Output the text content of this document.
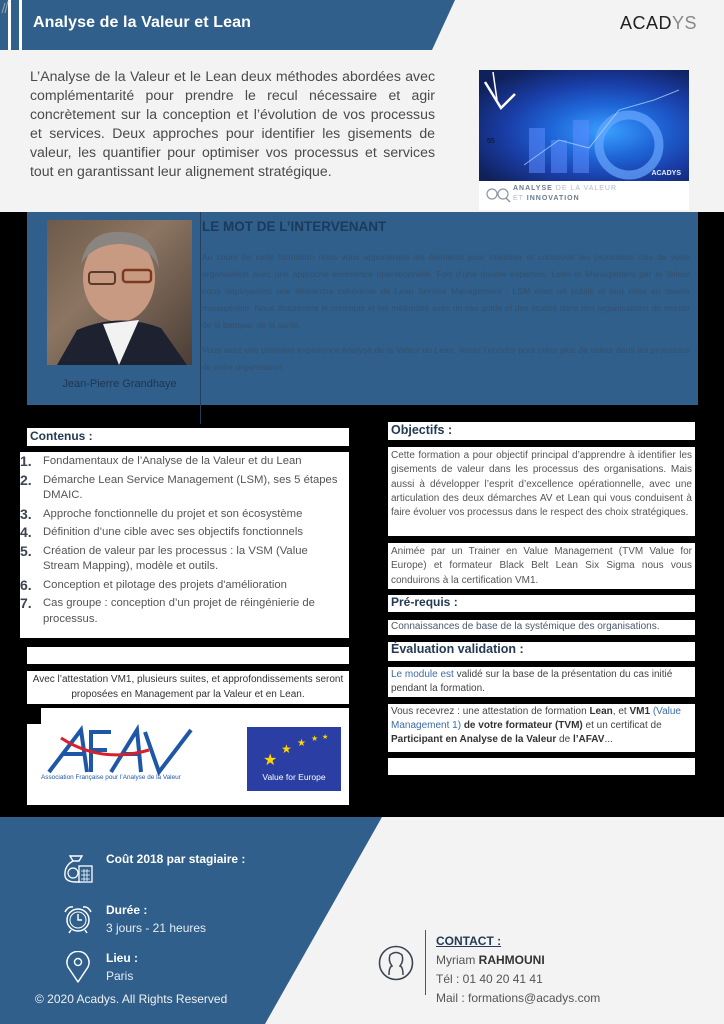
Analyse de la Valeur et Lean	ACADYS
L’Analyse de la Valeur et le Lean deux méthodes abordées avec complémentarité pour prendre le recul nécessaire et agir concrètement sur la conception et l’évolution de vos processus et services. Deux approches pour identifier les gisements de valeur, les quantifier pour optimiser vos processus et services tout en garantissant leur alignement stratégique.
55
ACADYS
ANALYSE DE LA VALEUR
ET INNOVATION
Jean-Pierre Grandhaye
LE MOT DE L’INTERVENANT

Au cours de cette formation nous vous apporterons les éléments pour maîtriser et concevoir les processus clés de votre organisation avec une approche excellence opérationnelle. Fort d’une double expertise, Lean et Management par la Valeur nous déployerons une démarche cohérente de Lean Service Management : LSM avec un public et leur mise en œuvre managériale. Nous illustrerons le concepts et les méthodes avec un cas guide et des études dans des organisations du monde de la banque, de la santé.

Vous avez une première expérience Analyse de la Valeur ou Lean, venez l’enrichir pour créer plus de valeur dans les processus de votre organisation.

Contenus :
1.	Fondamentaux de l’Analyse de la Valeur et du Lean
2.	Démarche Lean Service Management (LSM), ses 5 étapes DMAIC.
3.	Approche fonctionnelle du projet et son écosystème
4.	Définition d’une cible avec ses objectifs fonctionnels
5.	Création de valeur par les processus : la VSM (Value Stream Mapping), modèle et outils.
6.	Conception et pilotage des projets d'amélioration
7.	Cas groupe : conception d’un projet de réingénierie de processus.
Avec l’attestation VM1, plusieurs suites, et approfondissements seront proposées en Management par la Valeur et en Lean.
Association Française pour l’Analyse de la Valeur
★
★ ★ ★ ★
Value for Europe
Objectifs :
Cette formation a pour objectif principal d’apprendre à identifier les gisements de valeur dans les processus des organisations. Mais aussi à développer l’esprit d’excellence opérationnelle, avec une articulation des deux démarches AV et Lean qui vous conduisent à faire évoluer vos processus dans le respect des choix stratégiques.
Animée par un Trainer en Value Management (TVM Value for Europe) et formateur Black Belt Lean Six Sigma nous vous conduirons à la certification VM1.
Pré-requis :
Connaissances de base de la systémique des organisations.
Évaluation validation :
Le module est validé sur la base de la présentation du cas initié pendant la formation.
Vous recevrez : une attestation de formation Lean, et VM1 (Value Management 1) de votre formateur (TVM) et un certificat de Participant en Analyse de la Valeur de l’AFAV...
Coût 2018 par stagiaire :
Durée :
3 jours - 21 heures
Lieu :
Paris
© 2020 Acadys. All Rights Reserved
CONTACT :
Myriam RAHMOUNI
Tél : 01 40 20 41 41
Mail : formations@acadys.com
